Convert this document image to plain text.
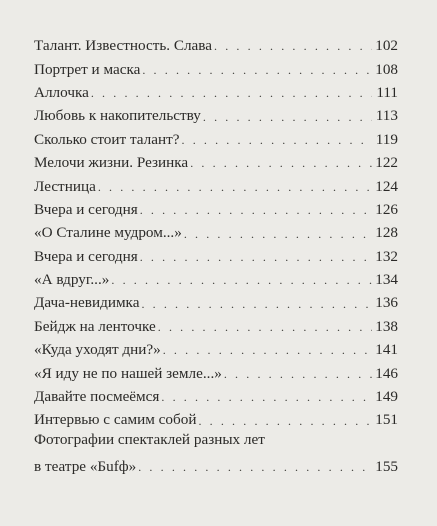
Талант. Известность. Слава . . .	102
Портрет и маска . . .	108
Аллочка . . .	111
Любовь к накопительству . . .	113
Сколько стоит талант? . . .	119
Мелочи жизни. Резинка . . .	122
Лестница . . .	124
Вчера и сегодня . . .	126
«О Сталине мудром...» . . .	128
Вчера и сегодня . . .	132
«А вдруг...» . . .	134
Дача-невидимка . . .	136
Бейдж на ленточке . . .	138
«Куда уходят дни?» . . .	141
«Я иду не по нашей земле...» . . .	146
Давайте посмеёмся . . .	149
Интервью с самим собой . . .	151
Фотографии спектаклей разных лет
в театре «Бufф» . . .	155
